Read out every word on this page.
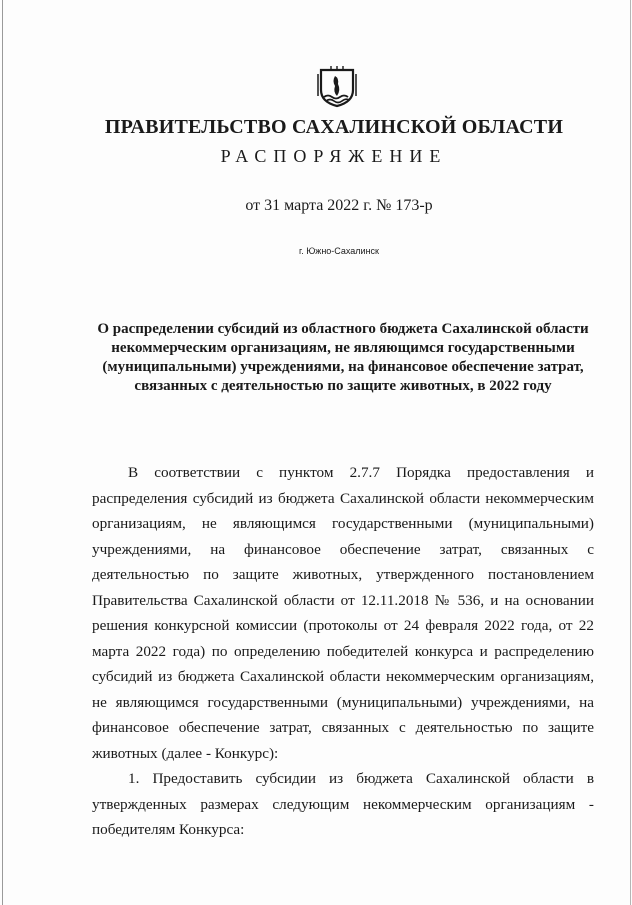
ПРАВИТЕЛЬСТВО САХАЛИНСКОЙ ОБЛАСТИ
РАСПОРЯЖЕНИЕ
от 31 марта 2022 г. № 173-р
г. Южно-Сахалинск
О распределении субсидий из областного бюджета Сахалинской области некоммерческим организациям, не являющимся государственными (муниципальными) учреждениями, на финансовое обеспечение затрат, связанных с деятельностью по защите животных, в 2022 году

В соответствии с пунктом 2.7.7 Порядка предоставления и распределения субсидий из бюджета Сахалинской области некоммерческим организациям, не являющимся государственными (муниципальными) учреждениями, на финансовое обеспечение затрат, связанных с деятельностью по защите животных, утвержденного постановлением Правительства Сахалинской области от 12.11.2018 № 536, и на основании решения конкурсной комиссии (протоколы от 24 февраля 2022 года, от 22 марта 2022 года) по определению победителей конкурса и распределению субсидий из бюджета Сахалинской области некоммерческим организациям, не являющимся государственными (муниципальными) учреждениями, на финансовое обеспечение затрат, связанных с деятельностью по защите животных (далее - Конкурс):

1. Предоставить субсидии из бюджета Сахалинской области в утвержденных размерах следующим некоммерческим организациям - победителям Конкурса:
